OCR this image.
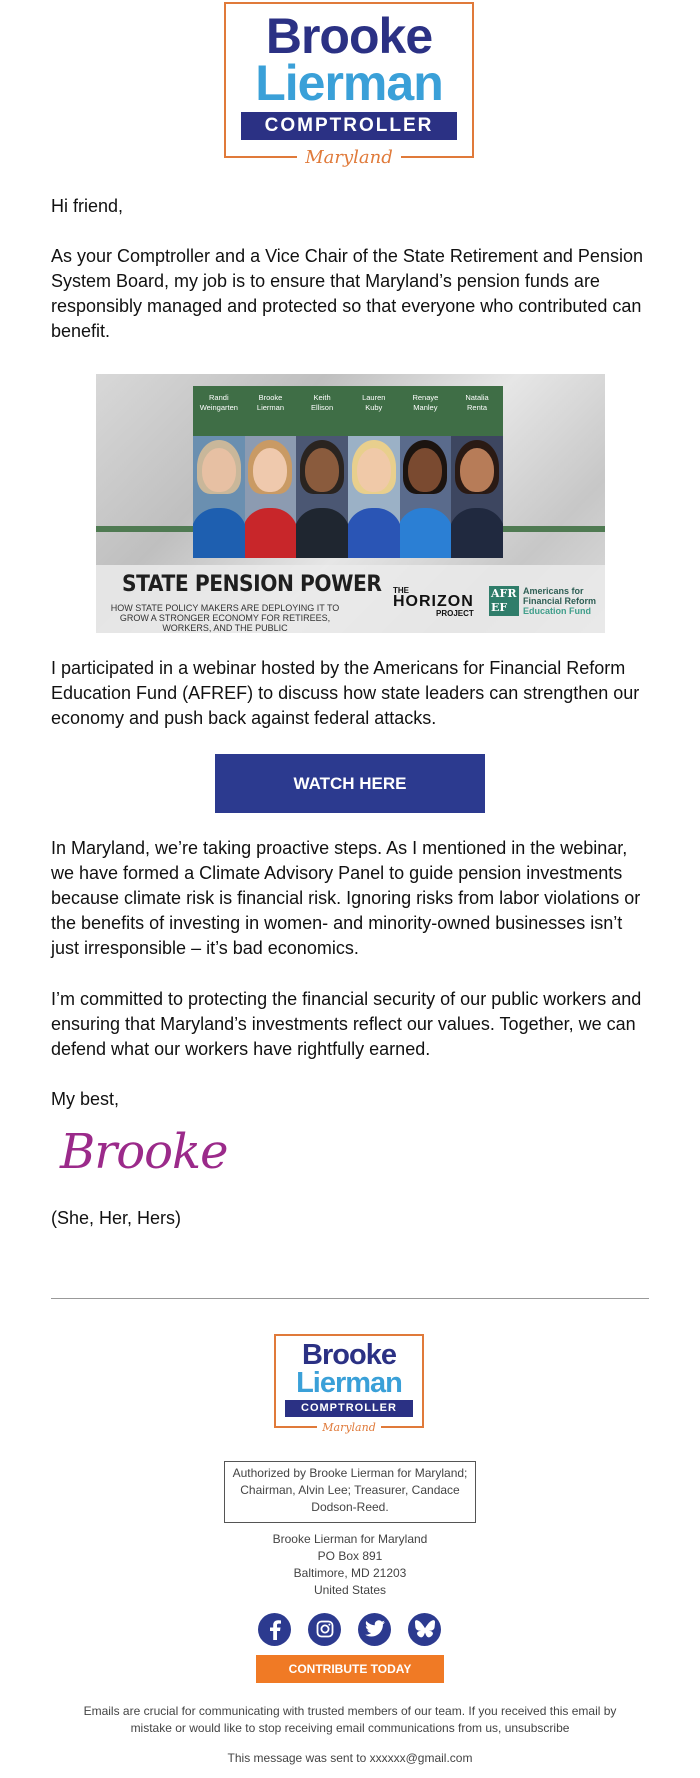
Brooke
Lierman
COMPTROLLER
Maryland
Hi friend,
As your Comptroller and a Vice Chair of the State Retirement and Pension System Board, my job is to ensure that Maryland’s pension funds are responsibly managed and protected so that everyone who contributed can benefit.
Randi
Weingarten
Brooke
Lierman
Keith
Ellison
Lauren
Kuby
Renaye
Manley
Natalia
Renta
STATE PENSION POWER
HOW STATE POLICY MAKERS ARE DEPLOYING IT TO GROW A STRONGER ECONOMY FOR RETIREES, WORKERS, AND THE PUBLIC
THE
HORIZON
PROJECT
AFR
EF
Americans for
Financial Reform
Education Fund
I participated in a webinar hosted by the Americans for Financial Reform Education Fund (AFREF) to discuss how state leaders can strengthen our economy and push back against federal attacks.
WATCH HERE
In Maryland, we’re taking proactive steps. As I mentioned in the webinar, we have formed a Climate Advisory Panel to guide pension investments because climate risk is financial risk. Ignoring risks from labor violations or the benefits of investing in women- and minority-owned businesses isn’t just irresponsible – it’s bad economics.
I’m committed to protecting the financial security of our public workers and ensuring that Maryland’s investments reflect our values. Together, we can defend what our workers have rightfully earned.
My best,
Brooke
(She, Her, Hers)
Brooke
Lierman
COMPTROLLER
Maryland
Authorized by Brooke Lierman for Maryland; Chairman, Alvin Lee; Treasurer, Candace Dodson-Reed.
Brooke Lierman for Maryland
PO Box 891
Baltimore, MD 21203
United States
CONTRIBUTE TODAY
Emails are crucial for communicating with trusted members of our team. If you received this email by mistake or would like to stop receiving email communications from us, unsubscribe
This message was sent to xxxxxx@gmail.com
